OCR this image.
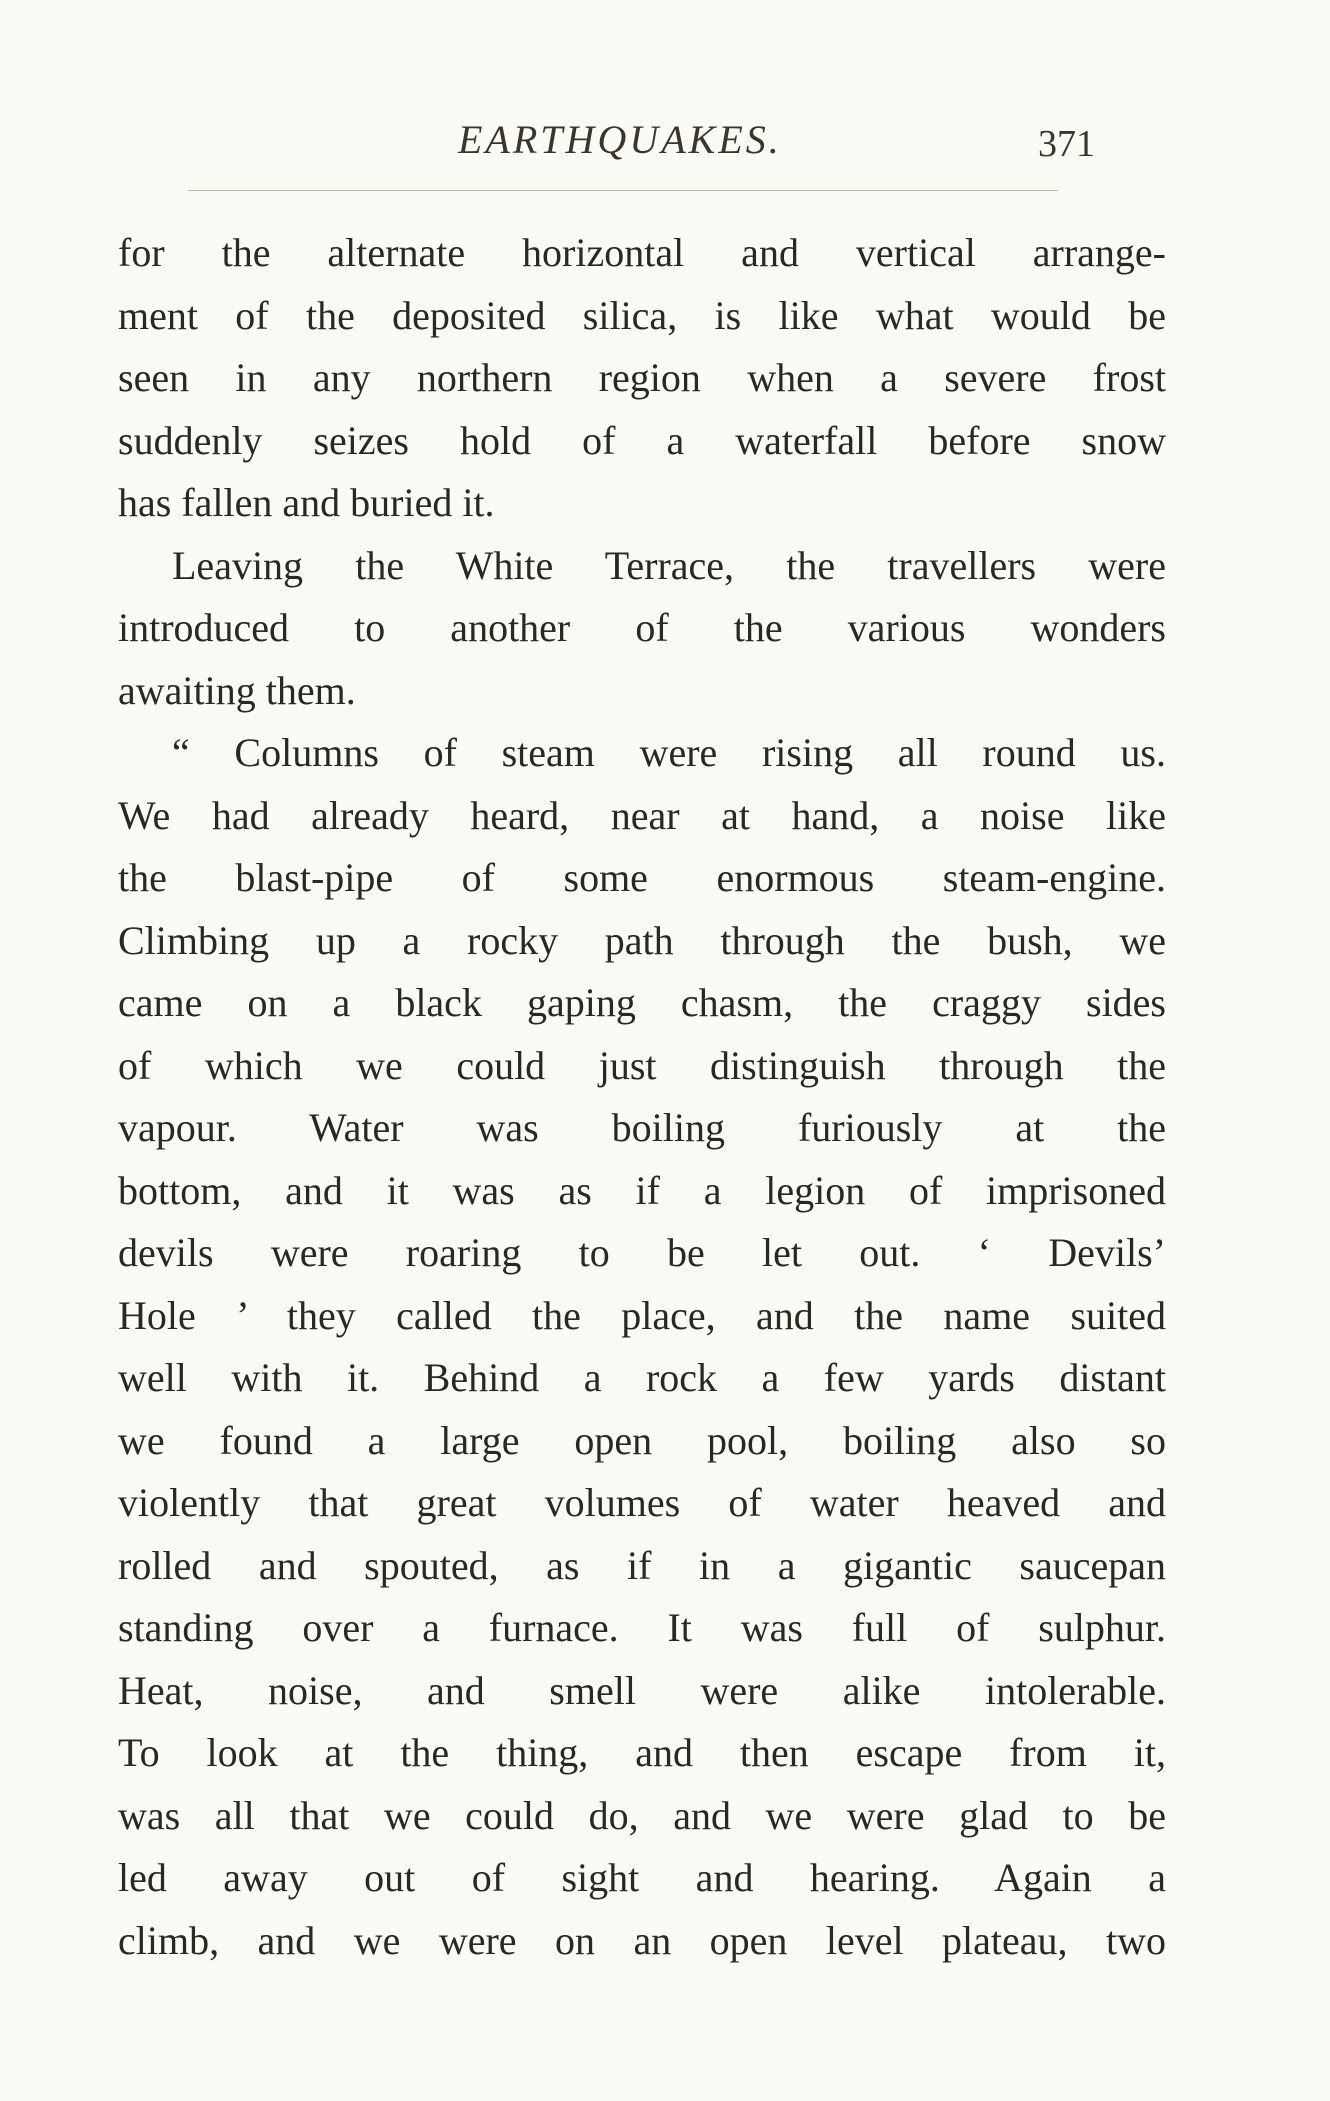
EARTHQUAKES.	371
for the alternate horizontal and vertical arrange-
ment of the deposited silica, is like what would be
seen in any northern region when a severe frost
suddenly seizes hold of a waterfall before snow
has fallen and buried it.
Leaving the White Terrace, the travellers were
introduced to another of the various wonders
awaiting them.
“ Columns of steam were rising all round us.
We had already heard, near at hand, a noise like
the blast-pipe of some enormous steam-engine.
Climbing up a rocky path through the bush, we
came on a black gaping chasm, the craggy sides
of which we could just distinguish through the
vapour. Water was boiling furiously at the
bottom, and it was as if a legion of imprisoned
devils were roaring to be let out. ‘ Devils’
Hole ’ they called the place, and the name suited
well with it. Behind a rock a few yards distant
we found a large open pool, boiling also so
violently that great volumes of water heaved and
rolled and spouted, as if in a gigantic saucepan
standing over a furnace. It was full of sulphur.
Heat, noise, and smell were alike intolerable.
To look at the thing, and then escape from it,
was all that we could do, and we were glad to be
led away out of sight and hearing. Again a
climb, and we were on an open level plateau, two
